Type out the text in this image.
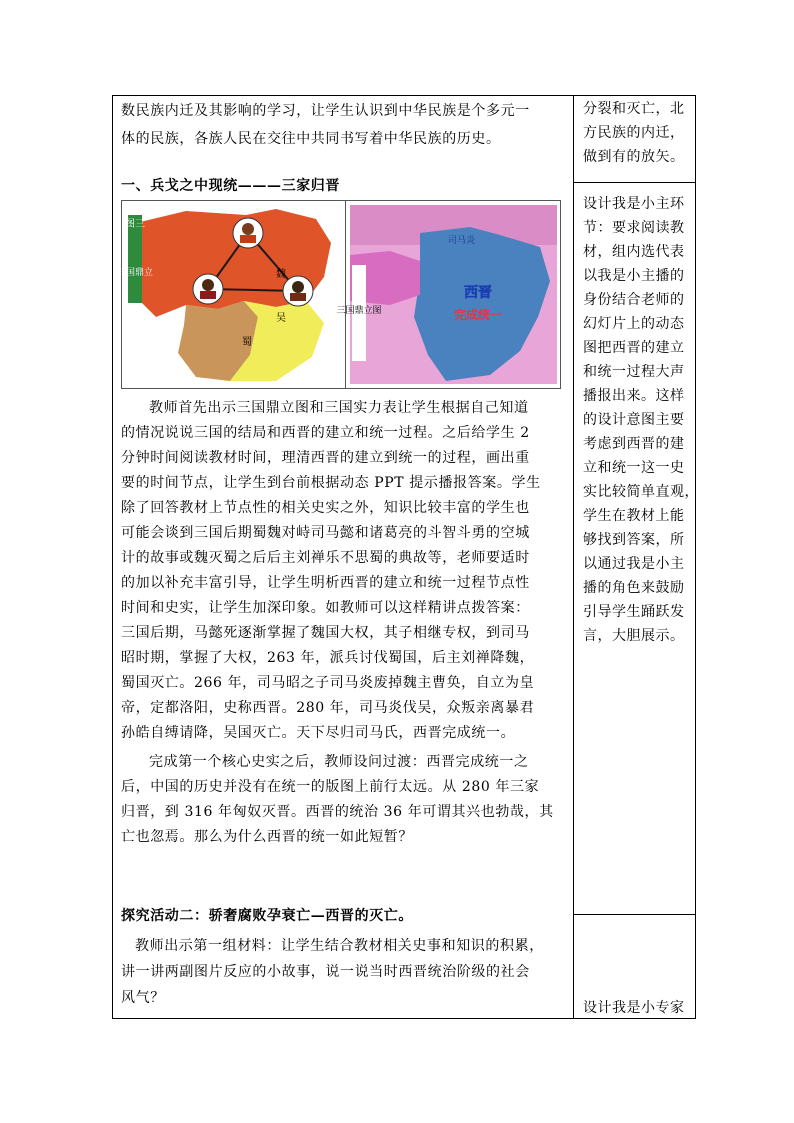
数民族内迁及其影响的学习，让学生认识到中华民族是个多元一
体的民族，各族人民在交往中共同书写着中华民族的历史。
一、兵戈之中现统———三家归晋
图三
三国鼎立	魏
蜀
吴
三国鼎立图
司马炎
西晋
完成统一
教师首先出示三国鼎立图和三国实力表让学生根据自己知道
的情况说说三国的结局和西晋的建立和统一过程。之后给学生 2
分钟时间阅读教材时间，理清西晋的建立到统一的过程，画出重
要的时间节点，让学生到台前根据动态 PPT 提示播报答案。学生
除了回答教材上节点性的相关史实之外，知识比较丰富的学生也
可能会谈到三国后期蜀魏对峙司马懿和诸葛亮的斗智斗勇的空城
计的故事或魏灭蜀之后后主刘禅乐不思蜀的典故等，老师要适时
的加以补充丰富引导，让学生明析西晋的建立和统一过程节点性
时间和史实，让学生加深印象。如教师可以这样精讲点拨答案：
三国后期，马懿死逐渐掌握了魏国大权，其子相继专权，到司马
昭时期，掌握了大权，263 年，派兵讨伐蜀国，后主刘禅降魏，
蜀国灭亡。266 年，司马昭之子司马炎废掉魏主曹奂，自立为皇
帝，定都洛阳，史称西晋。280 年，司马炎伐吴，众叛亲离暴君
孙皓自缚请降，吴国灭亡。天下尽归司马氏，西晋完成统一。
完成第一个核心史实之后，教师设问过渡：西晋完成统一之
后，中国的历史并没有在统一的版图上前行太远。从 280 年三家
归晋，到 316 年匈奴灭晋。西晋的统治 36 年可谓其兴也勃哉，其
亡也忽焉。那么为什么西晋的统一如此短暂？
探究活动二：骄奢腐败孕衰亡—西晋的灭亡。
教师出示第一组材料：让学生结合教材相关史事和知识的积累，
讲一讲两副图片反应的小故事，说一说当时西晋统治阶级的社会
风气？
分裂和灭亡，北
方民族的内迁，
做到有的放矢。
设计我是小主环
节：要求阅读教
材，组内选代表
以我是小主播的
身份结合老师的
幻灯片上的动态
图把西晋的建立
和统一过程大声
播报出来。这样
的设计意图主要
考虑到西晋的建
立和统一这一史
实比较简单直观，
学生在教材上能
够找到答案，所
以通过我是小主
播的角色来鼓励
引导学生踊跃发
言，大胆展示。
设计我是小专家
